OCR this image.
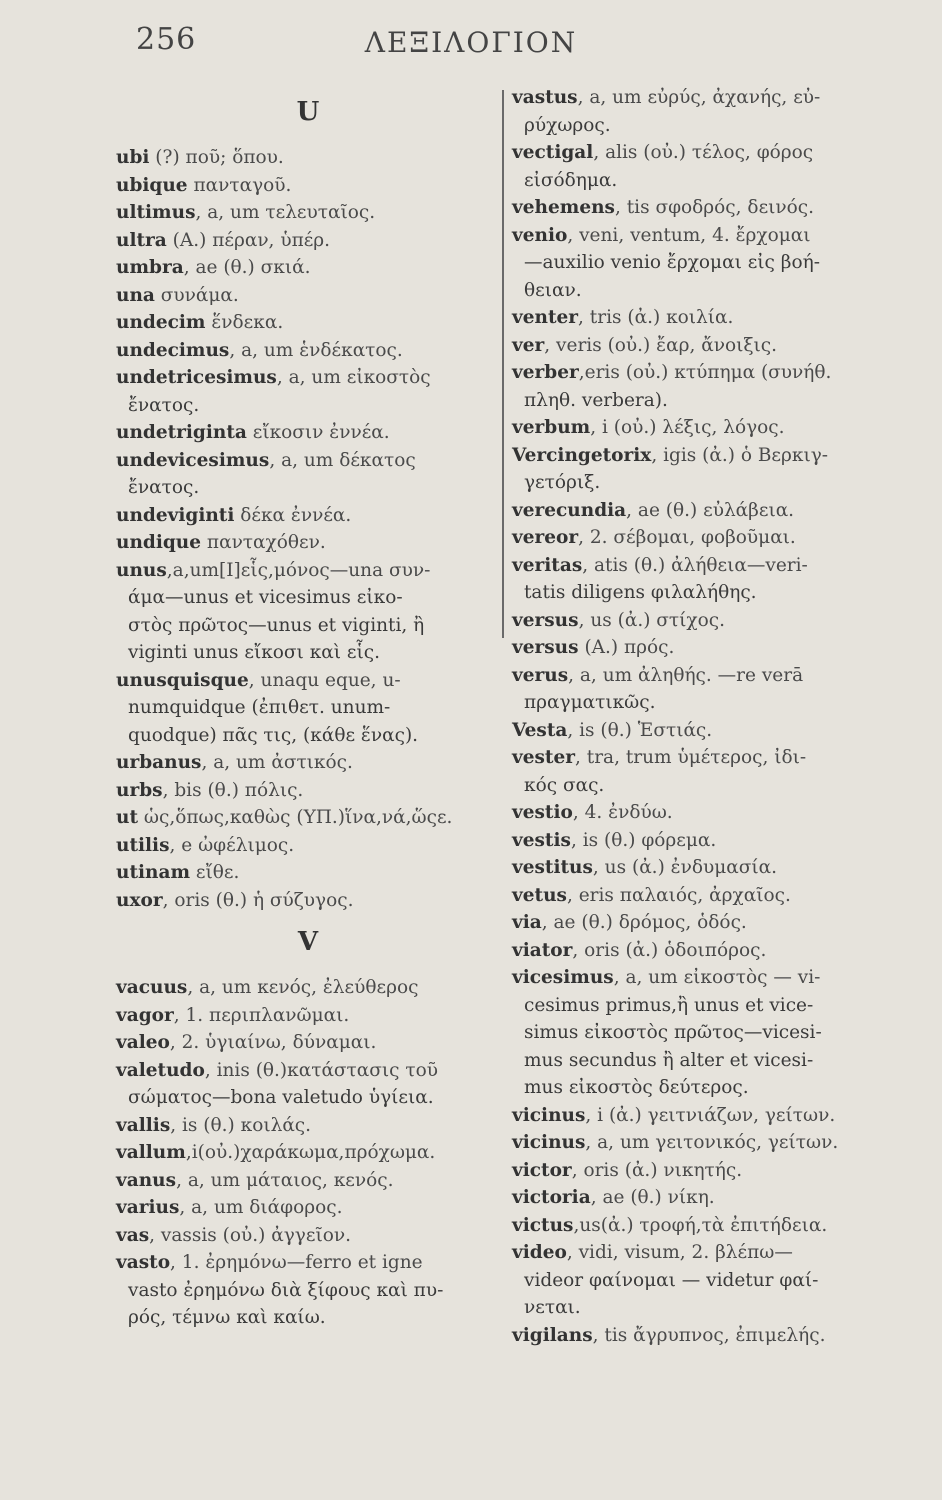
256	ΛΕΞΙΛΟΓΙΟΝ
U
ubi (?) ποῦ; ὅπου.
ubique πανταγοῦ.
ultimus, a, um τελευταῖος.
ultra (A.) πέραν, ὑπέρ.
umbra, ae (θ.) σκιά.
una συνάμα.
undecim ἕνδεκα.
undecimus, a, um ἑνδέκατος.
undetricesimus, a, um εἰκοστὸς
ἔνατος.
undetriginta εἴκοσιν ἐννέα.
undevicesimus, a, um δέκατος
ἔνατος.
undeviginti δέκα ἐννέα.
undique πανταχόθεν.
unus,a,um[I]εἷς,μόνος—una συν-
άμα—unus et vicesimus εἰκο-
στὸς πρῶτος—unus et viginti, ἢ
viginti unus εἴκοσι καὶ εἷς.
unusquisque, unaqu eque, u-
numquidque (ἐπιθετ. unum-
quodque) πᾶς τις, (κάθε ἕνας).
urbanus, a, um ἀστικός.
urbs, bis (θ.) πόλις.
ut ὡς,ὅπως,καθὼς (ΥΠ.)ἵνα,νά,ὥςε.
utilis, e ὠφέλιμος.
utinam εἴθε.
uxor, oris (θ.) ἡ σύζυγος.
V
vacuus, a, um κενός, ἐλεύθερος
vagor, 1. περιπλανῶμαι.
valeo, 2. ὑγιαίνω, δύναμαι.
valetudo, inis (θ.)κατάστασις τοῦ
σώματος—bona valetudo ὑγίεια.
vallis, is (θ.) κοιλάς.
vallum,i(οὐ.)χαράκωμα,πρόχωμα.
vanus, a, um μάταιος, κενός.
varius, a, um διάφορος.
vas, vassis (οὐ.) ἀγγεῖον.
vasto, 1. ἐρημόνω—ferro et igne
vasto ἐρημόνω διὰ ξίφους καὶ πυ-
ρός, τέμνω καὶ καίω.
vastus, a, um εὐρύς, ἀχανής, εὐ-
ρύχωρος.
vectigal, alis (οὐ.) τέλος, φόρος
εἰσόδημα.
vehemens, tis σφοδρός, δεινός.
venio, veni, ventum, 4. ἔρχομαι
—auxilio venio ἔρχομαι εἰς βοή-
θειαν.
venter, tris (ἀ.) κοιλία.
ver, veris (οὐ.) ἔαρ, ἄνοιξις.
verber,eris (οὐ.) κτύπημα (συνήθ.
πληθ. verbera).
verbum, i (οὐ.) λέξις, λόγος.
Vercingetorix, igis (ἀ.) ὁ Βερκιγ-
γετόριξ.
verecundia, ae (θ.) εὐλάβεια.
vereor, 2. σέβομαι, φοβοῦμαι.
veritas, atis (θ.) ἀλήθεια—veri-
tatis diligens φιλαλήθης.
versus, us (ἀ.) στίχος.
versus (A.) πρός.
verus, a, um ἀληθής. —re verā
πραγματικῶς.
Vesta, is (θ.) Ἑστιάς.
vester, tra, trum ὑμέτερος, ἰδι-
κός σας.
vestio, 4. ἐνδύω.
vestis, is (θ.) φόρεμα.
vestitus, us (ἀ.) ἐνδυμασία.
vetus, eris παλαιός, ἀρχαῖος.
via, ae (θ.) δρόμος, ὁδός.
viator, oris (ἀ.) ὁδοιπόρος.
vicesimus, a, um εἰκοστὸς — vi-
cesimus primus,ἢ unus et vice-
simus εἰκοστὸς πρῶτος—vicesi-
mus secundus ἢ alter et vicesi-
mus εἰκοστὸς δεύτερος.
vicinus, i (ἀ.) γειτνιάζων, γείτων.
vicinus, a, um γειτονικός, γείτων.
victor, oris (ἀ.) νικητής.
victoria, ae (θ.) νίκη.
victus,us(ἀ.) τροφή,τὰ ἐπιτήδεια.
video, vidi, visum, 2. βλέπω—
videor φαίνομαι — videtur φαί-
νεται.
vigilans, tis ἄγρυπνος, ἐπιμελής.
